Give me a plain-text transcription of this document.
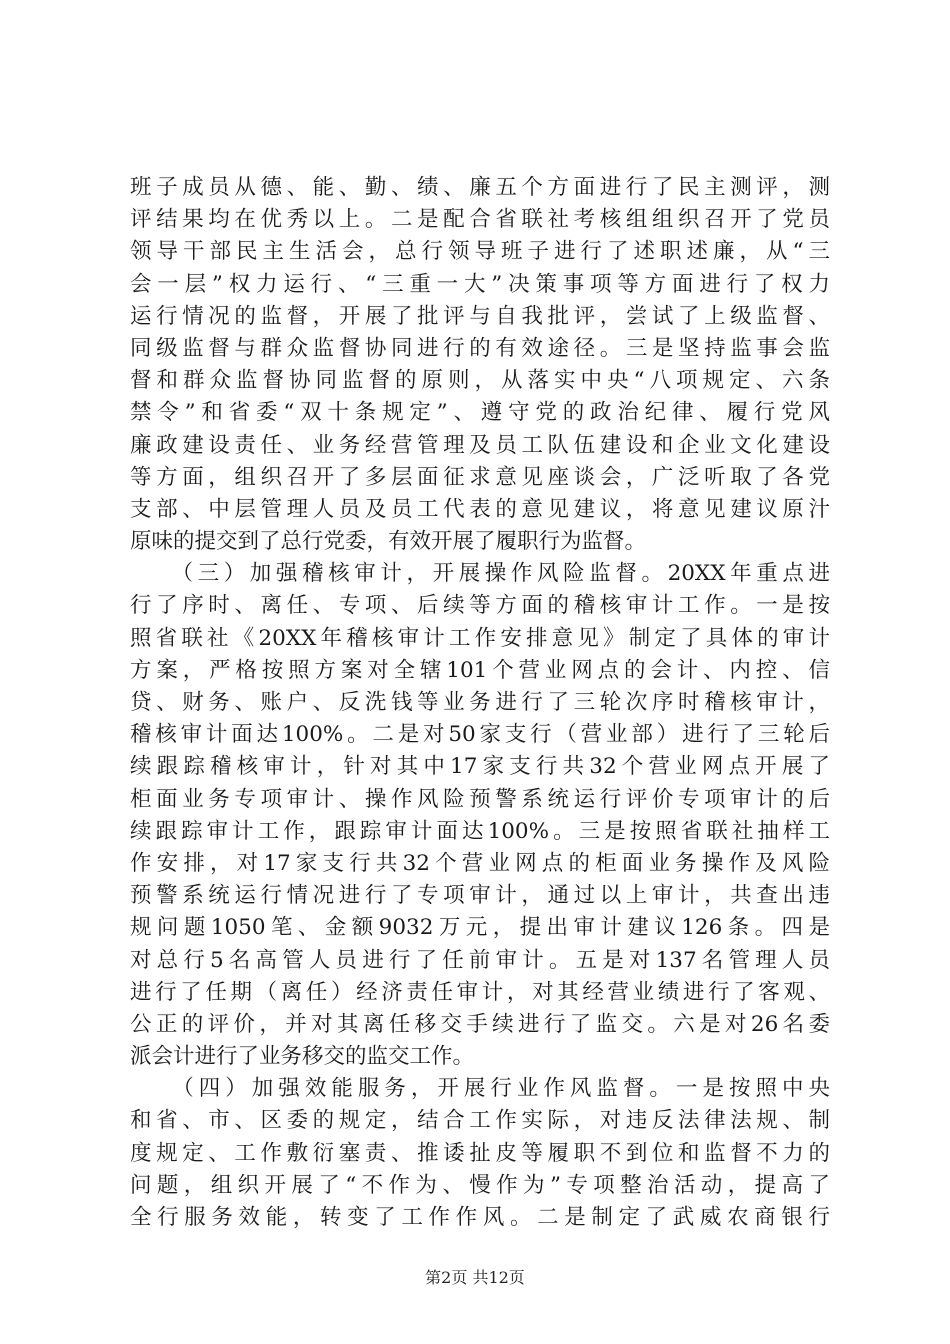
班子成员从德、能、勤、绩、廉五个方面进行了民主测评，测
评结果均在优秀以上。二是配合省联社考核组组织召开了党员
领导干部民主生活会，总行领导班子进行了述职述廉，从“三
会一层”权力运行、“三重一大”决策事项等方面进行了权力
运行情况的监督，开展了批评与自我批评，尝试了上级监督、
同级监督与群众监督协同进行的有效途径。三是坚持监事会监
督和群众监督协同监督的原则，从落实中央“八项规定、六条
禁令”和省委“双十条规定”、遵守党的政治纪律、履行党风
廉政建设责任、业务经营管理及员工队伍建设和企业文化建设
等方面，组织召开了多层面征求意见座谈会，广泛听取了各党
支部、中层管理人员及员工代表的意见建议，将意见建议原汁
原味的提交到了总行党委，有效开展了履职行为监督。
　　（三）加强稽核审计，开展操作风险监督。20XX年重点进
行了序时、离任、专项、后续等方面的稽核审计工作。一是按
照省联社《20XX年稽核审计工作安排意见》制定了具体的审计
方案，严格按照方案对全辖101个营业网点的会计、内控、信
贷、财务、账户、反洗钱等业务进行了三轮次序时稽核审计，
稽核审计面达100%。二是对50家支行（营业部）进行了三轮后
续跟踪稽核审计，针对其中17家支行共32个营业网点开展了
柜面业务专项审计、操作风险预警系统运行评价专项审计的后
续跟踪审计工作，跟踪审计面达100%。三是按照省联社抽样工
作安排，对17家支行共32个营业网点的柜面业务操作及风险
预警系统运行情况进行了专项审计，通过以上审计，共查出违
规问题1050笔、金额9032万元，提出审计建议126条。四是
对总行5名高管人员进行了任前审计。五是对137名管理人员
进行了任期（离任）经济责任审计，对其经营业绩进行了客观、
公正的评价，并对其离任移交手续进行了监交。六是对26名委
派会计进行了业务移交的监交工作。
　　（四）加强效能服务，开展行业作风监督。一是按照中央
和省、市、区委的规定，结合工作实际，对违反法律法规、制
度规定、工作敷衍塞责、推诿扯皮等履职不到位和监督不力的
问题，组织开展了“不作为、慢作为”专项整治活动，提高了
全行服务效能，转变了工作作风。二是制定了武威农商银行
第2页 共12页
